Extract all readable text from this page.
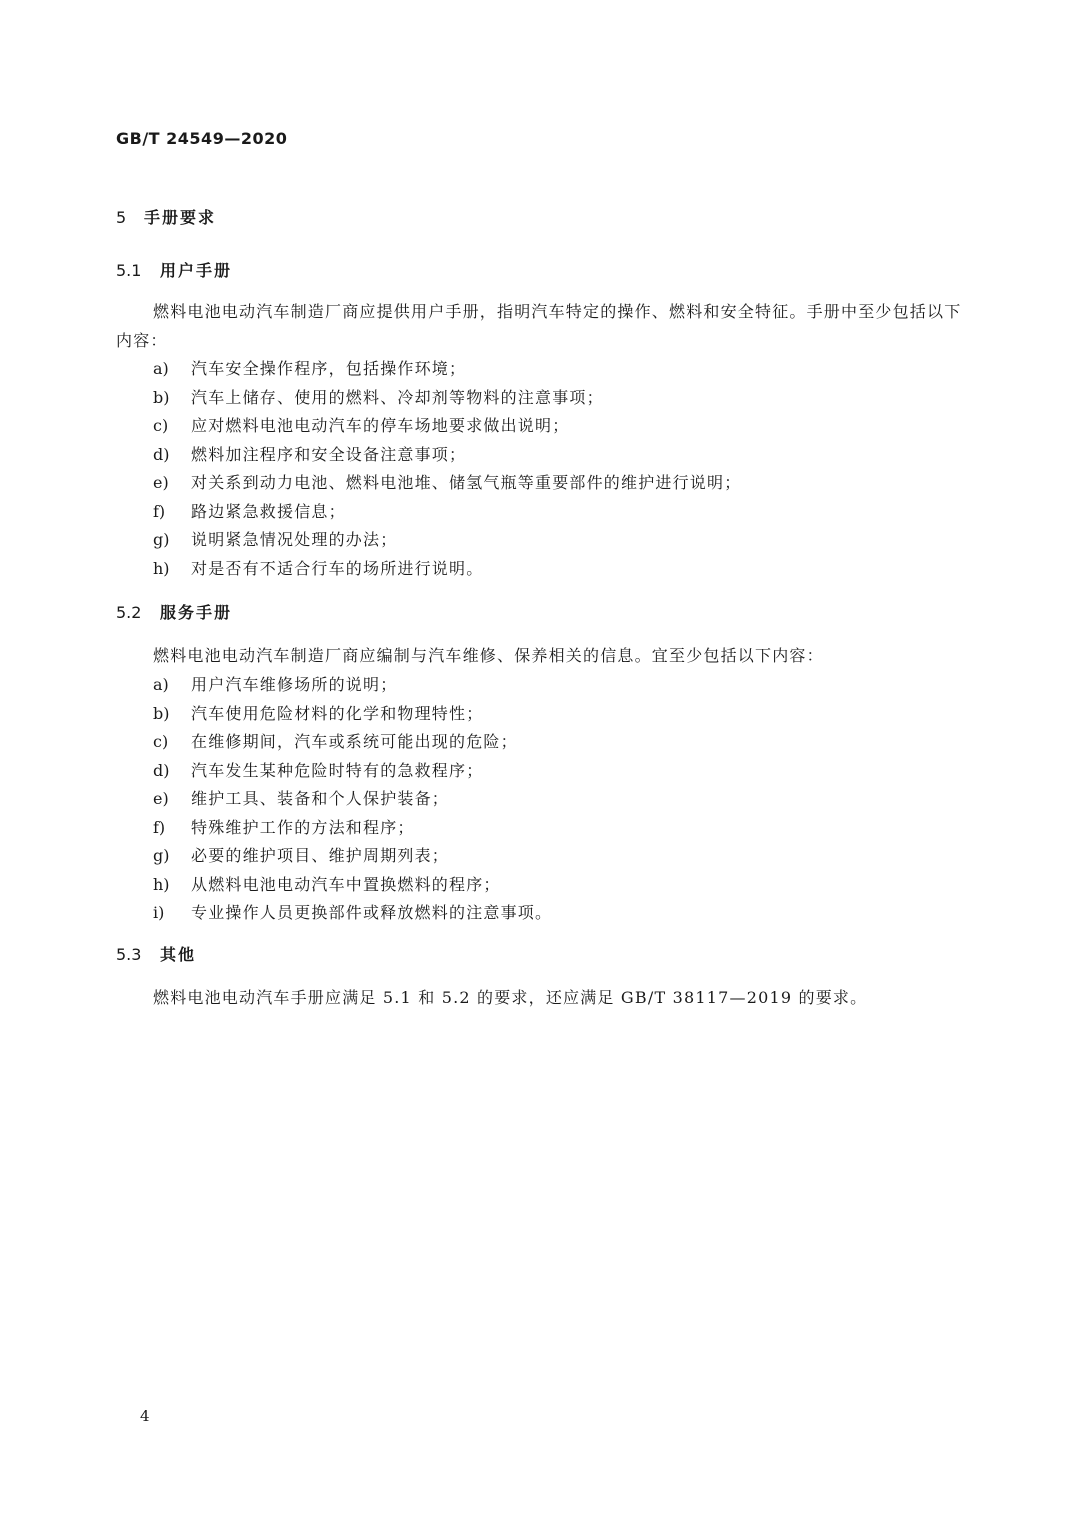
GB/T 24549—2020
5 手册要求
5.1 用户手册

燃料电池电动汽车制造厂商应提供用户手册，指明汽车特定的操作、燃料和安全特征。手册中至少包括以下内容：

a) 汽车安全操作程序，包括操作环境；
b) 汽车上储存、使用的燃料、冷却剂等物料的注意事项；
c) 应对燃料电池电动汽车的停车场地要求做出说明；
d) 燃料加注程序和安全设备注意事项；
e) 对关系到动力电池、燃料电池堆、储氢气瓶等重要部件的维护进行说明；
f) 路边紧急救援信息；
g) 说明紧急情况处理的办法；
h) 对是否有不适合行车的场所进行说明。
5.2 服务手册

燃料电池电动汽车制造厂商应编制与汽车维修、保养相关的信息。宜至少包括以下内容：

a) 用户汽车维修场所的说明；
b) 汽车使用危险材料的化学和物理特性；
c) 在维修期间，汽车或系统可能出现的危险；
d) 汽车发生某种危险时特有的急救程序；
e) 维护工具、装备和个人保护装备；
f) 特殊维护工作的方法和程序；
g) 必要的维护项目、维护周期列表；
h) 从燃料电池电动汽车中置换燃料的程序；
i) 专业操作人员更换部件或释放燃料的注意事项。
5.3 其他

燃料电池电动汽车手册应满足 5.1 和 5.2 的要求，还应满足 GB/T 38117—2019 的要求。

4
